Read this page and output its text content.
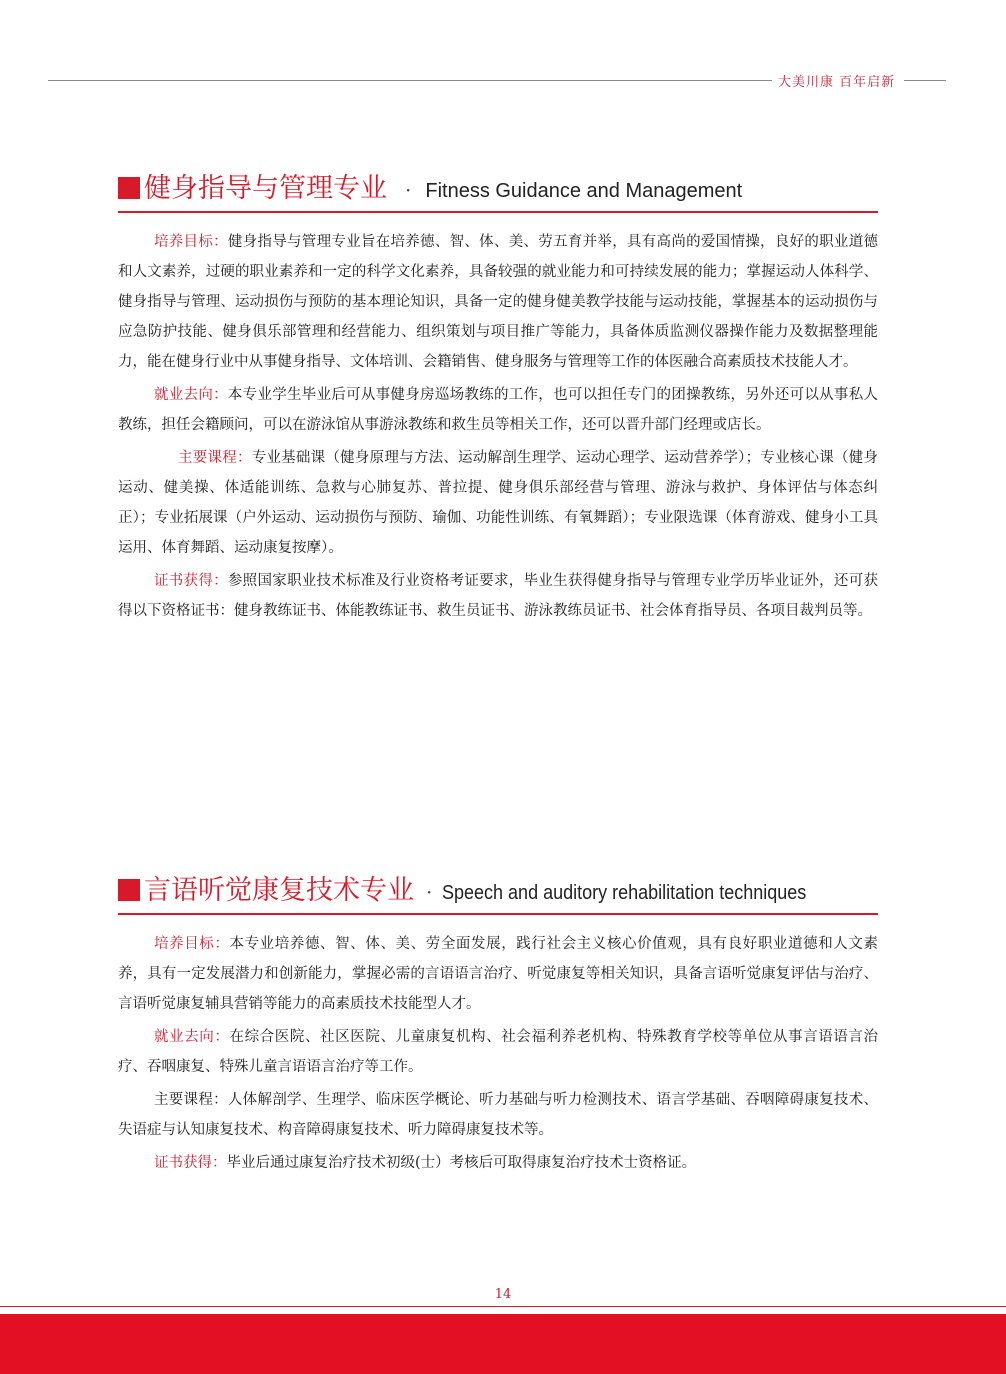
大美川康 百年启新
健身指导与管理专业 · Fitness Guidance and Management

培养目标：健身指导与管理专业旨在培养德、智、体、美、劳五育并举，具有高尚的爱国情操，良好的职业道德和人文素养，过硬的职业素养和一定的科学文化素养，具备较强的就业能力和可持续发展的能力；掌握运动人体科学、健身指导与管理、运动损伤与预防的基本理论知识，具备一定的健身健美教学技能与运动技能，掌握基本的运动损伤与应急防护技能、健身俱乐部管理和经营能力、组织策划与项目推广等能力，具备体质监测仪器操作能力及数据整理能力，能在健身行业中从事健身指导、文体培训、会籍销售、健身服务与管理等工作的体医融合高素质技术技能人才。

就业去向：本专业学生毕业后可从事健身房巡场教练的工作，也可以担任专门的团操教练，另外还可以从事私人教练，担任会籍顾问，可以在游泳馆从事游泳教练和救生员等相关工作，还可以晋升部门经理或店长。

主要课程：专业基础课（健身原理与方法、运动解剖生理学、运动心理学、运动营养学）；专业核心课（健身运动、健美操、体适能训练、急救与心肺复苏、普拉提、健身俱乐部经营与管理、游泳与救护、身体评估与体态纠正）；专业拓展课（户外运动、运动损伤与预防、瑜伽、功能性训练、有氧舞蹈）；专业限选课（体育游戏、健身小工具运用、体育舞蹈、运动康复按摩）。

证书获得：参照国家职业技术标准及行业资格考证要求，毕业生获得健身指导与管理专业学历毕业证外，还可获得以下资格证书：健身教练证书、体能教练证书、救生员证书、游泳教练员证书、社会体育指导员、各项目裁判员等。

言语听觉康复技术专业 · Speech and auditory rehabilitation techniques

培养目标：本专业培养德、智、体、美、劳全面发展，践行社会主义核心价值观，具有良好职业道德和人文素养，具有一定发展潜力和创新能力，掌握必需的言语语言治疗、听觉康复等相关知识，具备言语听觉康复评估与治疗、言语听觉康复辅具营销等能力的高素质技术技能型人才。

就业去向：在综合医院、社区医院、儿童康复机构、社会福利养老机构、特殊教育学校等单位从事言语语言治疗、吞咽康复、特殊儿童言语语言治疗等工作。

主要课程：人体解剖学、生理学、临床医学概论、听力基础与听力检测技术、语言学基础、吞咽障碍康复技术、失语症与认知康复技术、构音障碍康复技术、听力障碍康复技术等。

证书获得：毕业后通过康复治疗技术初级(士）考核后可取得康复治疗技术士资格证。

14
